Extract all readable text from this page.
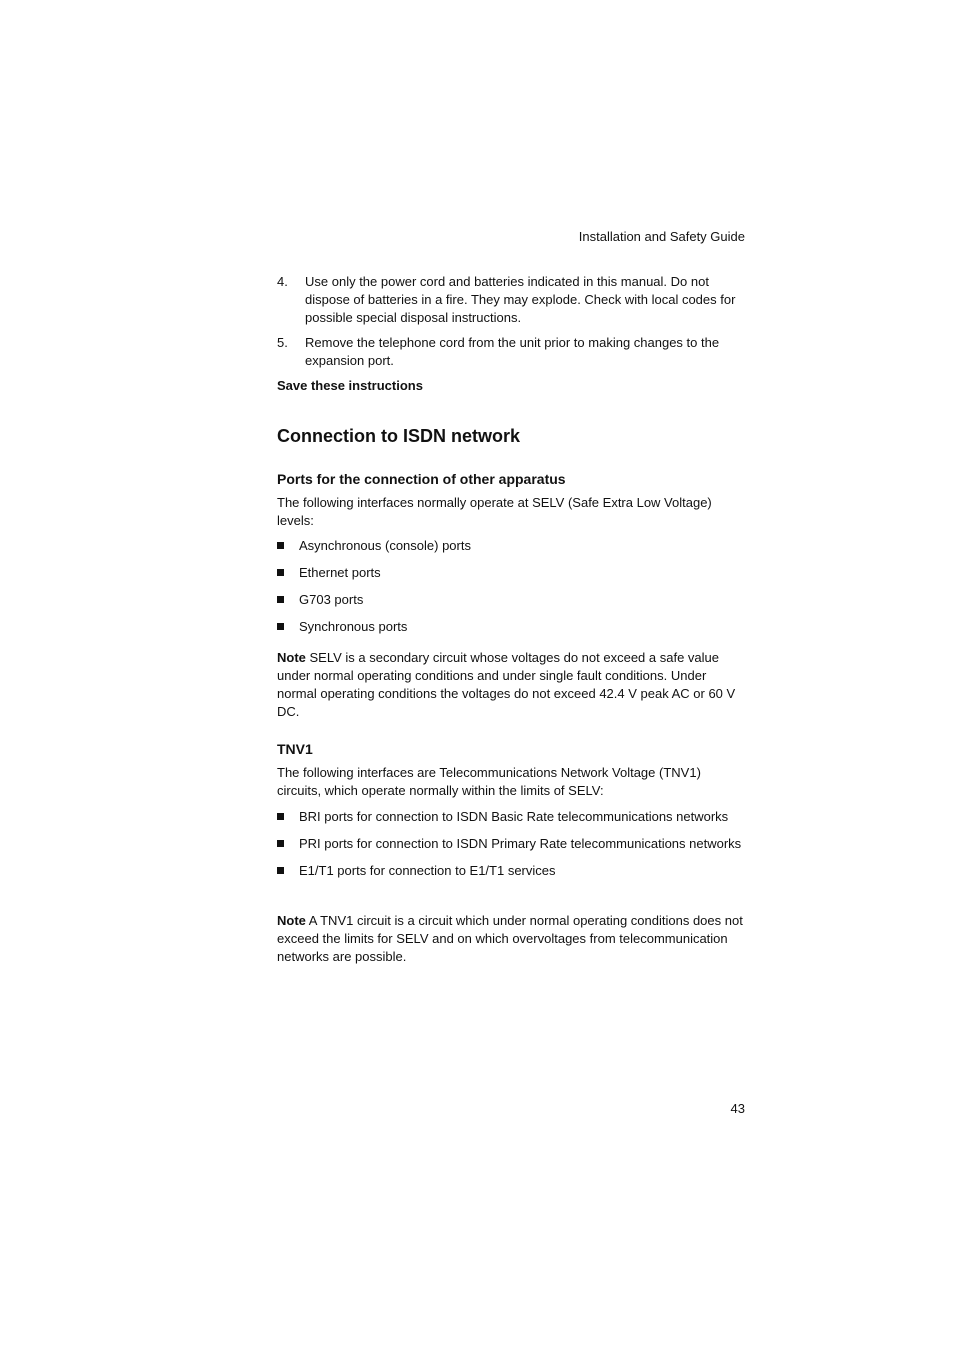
Installation and Safety Guide
4.	Use only the power cord and batteries indicated in this manual. Do not dispose of batteries in a fire. They may explode. Check with local codes for possible special disposal instructions.
5.	Remove the telephone cord from the unit prior to making changes to the expansion port.
Save these instructions
Connection to ISDN network
Ports for the connection of other apparatus

The following interfaces normally operate at SELV (Safe Extra Low Voltage) levels:

Asynchronous (console) ports
Ethernet ports
G703 ports
Synchronous ports

Note SELV is a secondary circuit whose voltages do not exceed a safe value under normal operating conditions and under single fault conditions. Under normal operating conditions the voltages do not exceed 42.4 V peak AC or 60 V DC.

TNV1

The following interfaces are Telecommunications Network Voltage (TNV1) circuits, which operate normally within the limits of SELV:

BRI ports for connection to ISDN Basic Rate telecommunications networks
PRI ports for connection to ISDN Primary Rate telecommunications networks
E1/T1 ports for connection to E1/T1 services

Note A TNV1 circuit is a circuit which under normal operating conditions does not exceed the limits for SELV and on which overvoltages from telecommunication networks are possible.

43
